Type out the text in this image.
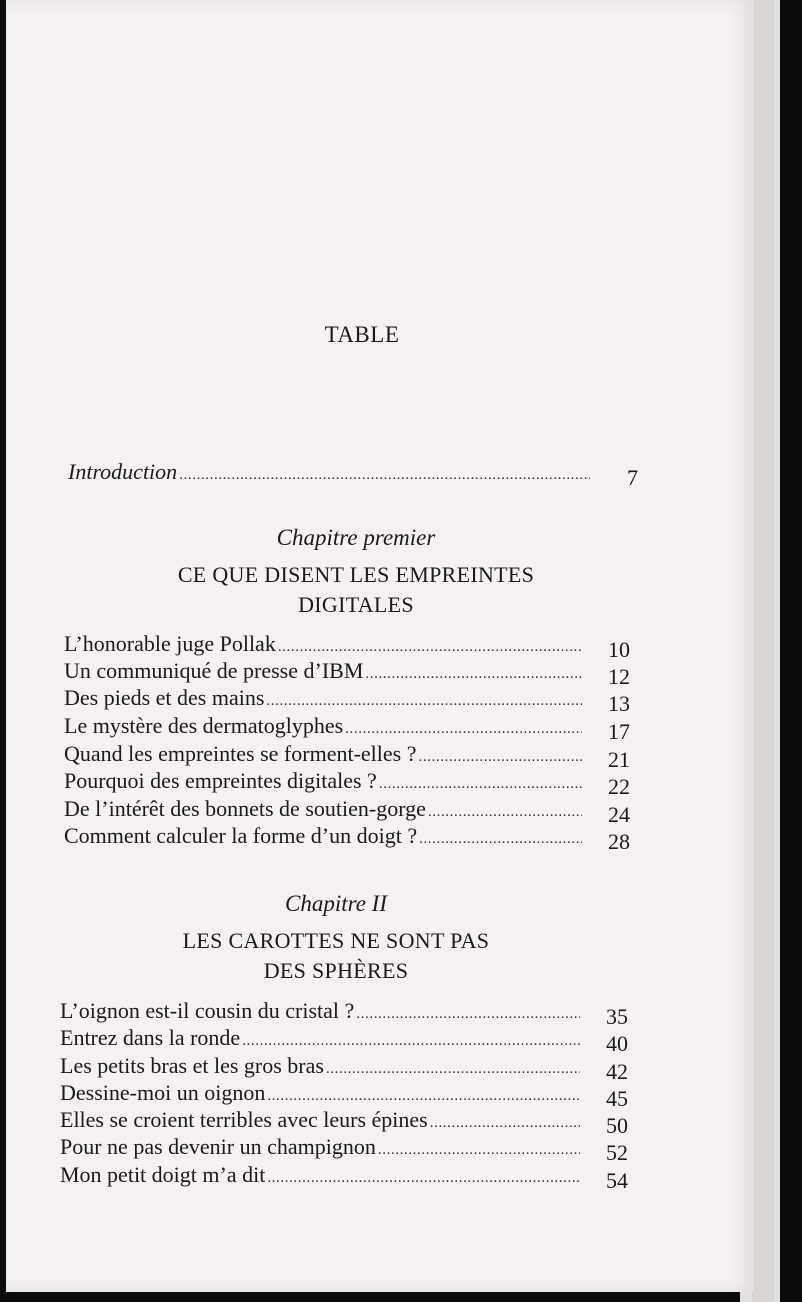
TABLE
Introduction .....	7
Chapitre premier
CE QUE DISENT LES EMPREINTES
DIGITALES
L’honorable juge Pollak .....	10
Un communiqué de presse d’IBM .....	12
Des pieds et des mains .....	13
Le mystère des dermatoglyphes .....	17
Quand les empreintes se forment-elles ? .....	21
Pourquoi des empreintes digitales ? .....	22
De l’intérêt des bonnets de soutien-gorge .....	24
Comment calculer la forme d’un doigt ? .....	28
Chapitre II
LES CAROTTES NE SONT PAS
DES SPHÈRES
L’oignon est-il cousin du cristal ? .....	35
Entrez dans la ronde .....	40
Les petits bras et les gros bras .....	42
Dessine-moi un oignon .....	45
Elles se croient terribles avec leurs épines .....	50
Pour ne pas devenir un champignon .....	52
Mon petit doigt m’a dit .....	54
